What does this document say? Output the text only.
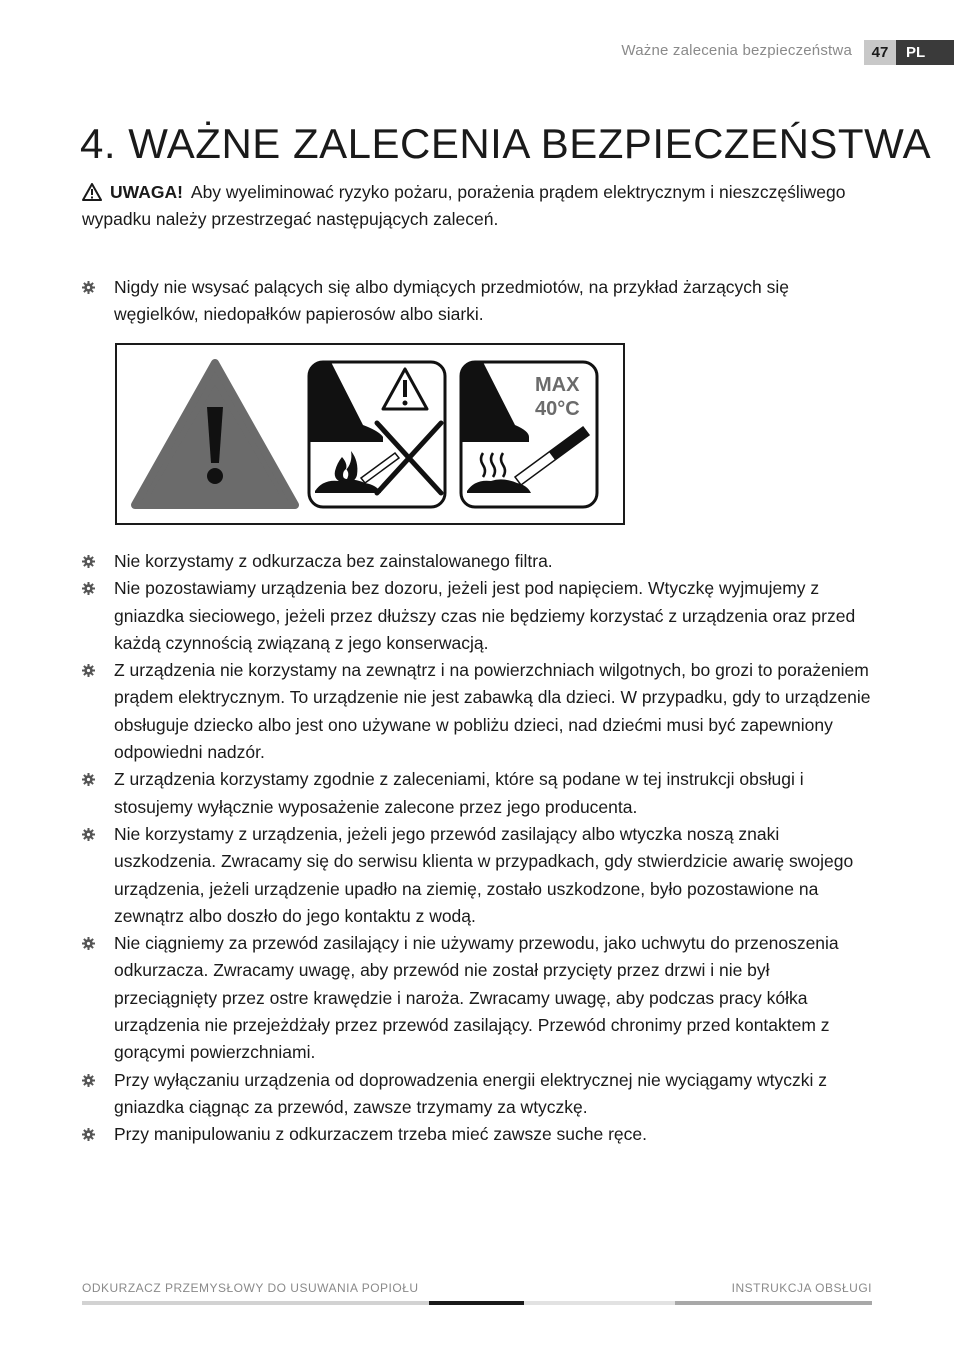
Ważne zalecenia bezpieczeństwa	47	PL
4. WAŻNE ZALECENIA BEZPIECZEŃSTWA

UWAGA! Aby wyeliminować ryzyko pożaru, porażenia prądem elektrycznym i nieszczęśliwego wypadku należy przestrzegać następujących zaleceń.

Nigdy nie wsysać palących się albo dymiących przedmiotów, na przykład żarzących się węgielków, niedopałków papierosów albo siarki.
MAX
40°C
Nie korzystamy z odkurzacza bez zainstalowanego filtra.
Nie pozostawiamy urządzenia bez dozoru, jeżeli jest pod napięciem. Wtyczkę wyjmujemy z gniazdka sieciowego, jeżeli przez dłuższy czas nie będziemy korzystać z urządzenia oraz przed każdą czynnością związaną z jego konserwacją.
Z urządzenia nie korzystamy na zewnątrz i na powierzchniach wilgotnych, bo grozi to porażeniem prądem elektrycznym. To urządzenie nie jest zabawką dla dzieci. W przypadku, gdy to urządzenie obsługuje dziecko albo jest ono używane w pobliżu dzieci, nad dziećmi musi być zapewniony odpowiedni nadzór.
Z urządzenia korzystamy zgodnie z zaleceniami, które są podane w tej instrukcji obsługi i stosujemy wyłącznie wyposażenie zalecone przez jego producenta.
Nie korzystamy z urządzenia, jeżeli jego przewód zasilający albo wtyczka noszą znaki uszkodzenia. Zwracamy się do serwisu klienta w przypadkach, gdy stwierdzicie awarię swojego urządzenia, jeżeli urządzenie upadło na ziemię, zostało uszkodzone, było pozostawione na zewnątrz albo doszło do jego kontaktu z wodą.
Nie ciągniemy za przewód zasilający i nie używamy przewodu, jako uchwytu do przenoszenia odkurzacza. Zwracamy uwagę, aby przewód nie został przycięty przez drzwi i nie był przeciągnięty przez ostre krawędzie i naroża. Zwracamy uwagę, aby podczas pracy kółka urządzenia nie przejeżdżały przez przewód zasilający. Przewód chronimy przed kontaktem z gorącymi powierzchniami.
Przy wyłączaniu urządzenia od doprowadzenia energii elektrycznej nie wyciągamy wtyczki z gniazdka ciągnąc za przewód, zawsze trzymamy za wtyczkę.
Przy manipulowaniu z odkurzaczem trzeba mieć zawsze suche ręce.
ODKURZACZ PRZEMYSŁOWY DO USUWANIA POPIOŁU	INSTRUKCJA OBSŁUGI
